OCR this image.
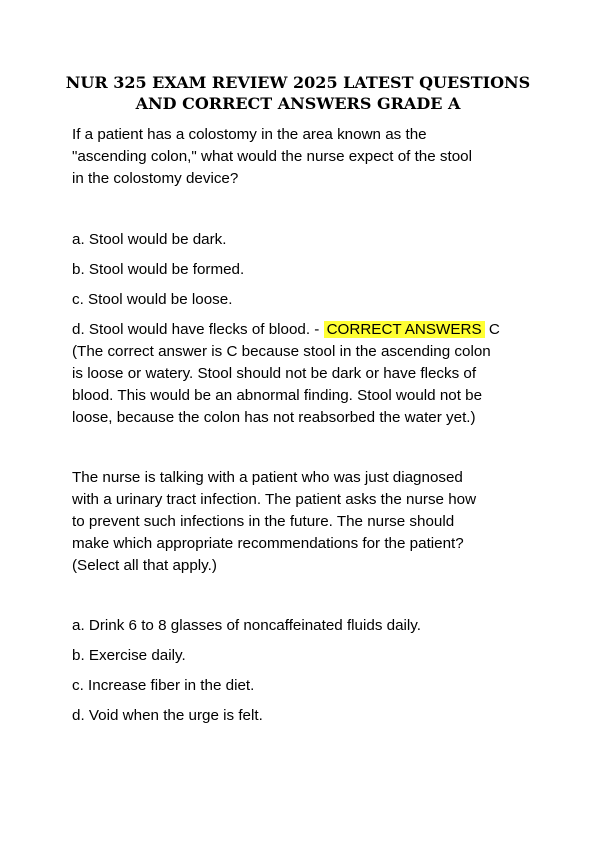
NUR 325 EXAM REVIEW 2025 LATEST QUESTIONS
AND CORRECT ANSWERS GRADE A
If a patient has a colostomy in the area known as the
"ascending colon," what would the nurse expect of the stool
in the colostomy device?
a. Stool would be dark.
b. Stool would be formed.
c. Stool would be loose.
d. Stool would have flecks of blood. - CORRECT ANSWERS C
(The correct answer is C because stool in the ascending colon
is loose or watery. Stool should not be dark or have flecks of
blood. This would be an abnormal finding. Stool would not be
loose, because the colon has not reabsorbed the water yet.)
The nurse is talking with a patient who was just diagnosed
with a urinary tract infection. The patient asks the nurse how
to prevent such infections in the future. The nurse should
make which appropriate recommendations for the patient?
(Select all that apply.)
a. Drink 6 to 8 glasses of noncaffeinated fluids daily.
b. Exercise daily.
c. Increase fiber in the diet.
d. Void when the urge is felt.
